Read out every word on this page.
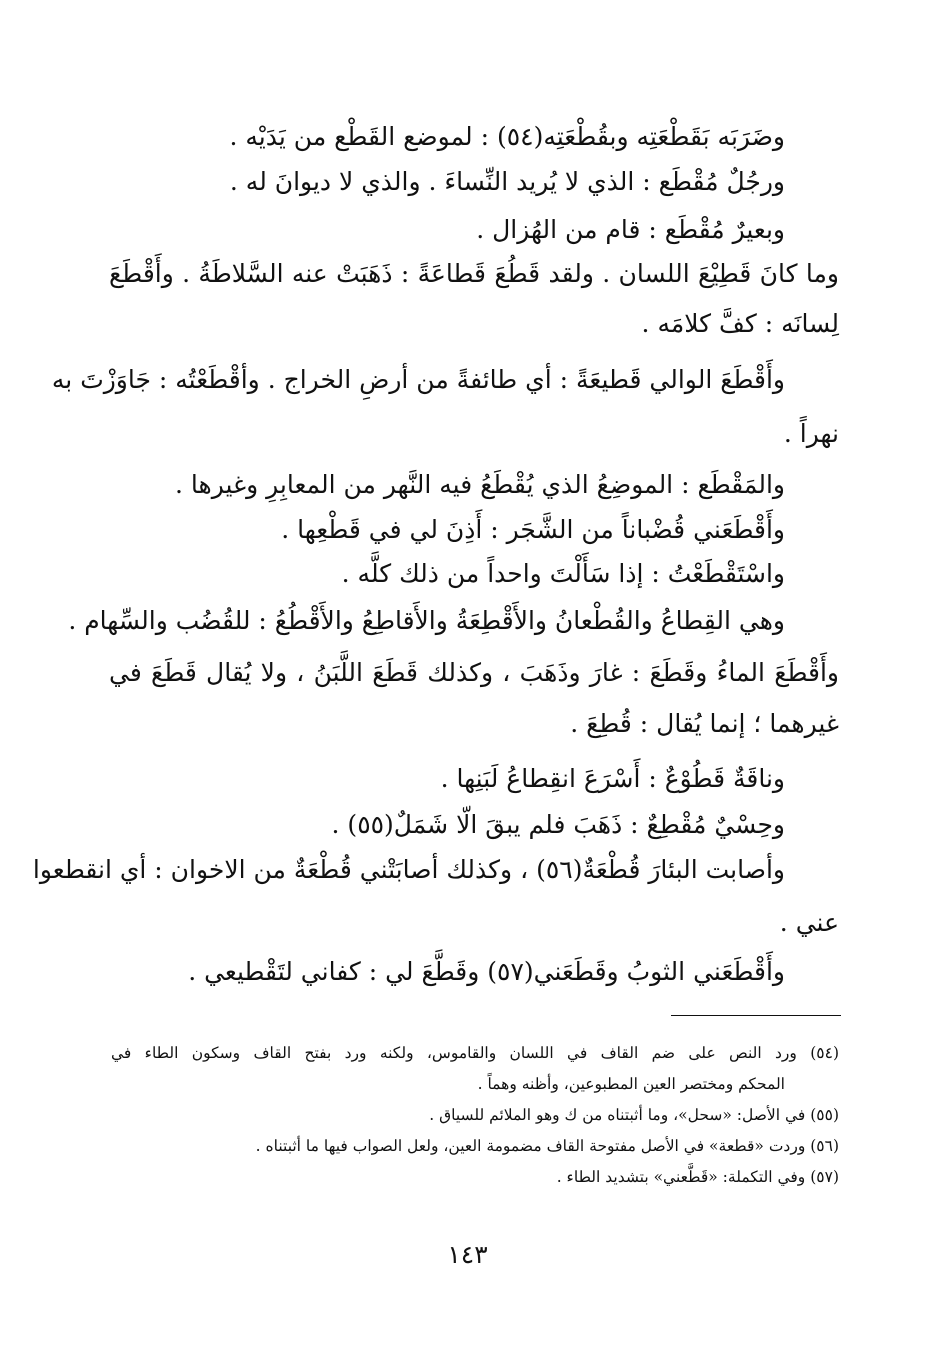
وضَرَبَه بَقَطْعَتِه وبقُطْعَتِه(٥٤) : لموضع القَطْع من يَدَيْه .
ورجُلٌ مُقْطَع : الذي لا يُريد النِّساءَ . والذي لا ديوانَ له .
وبعيرٌ مُقْطَع : قام من الهُزال .
وما كانَ قَطِيْعَ اللسان . ولقد قَطُعَ قَطاعَةً : ذَهَبَتْ عنه السَّلاطَةُ . وأَقْطَعَ
لِسانَه : كفَّ كلامَه .
وأَقْطَعَ الوالي قَطيعَةً : أي طائفةً من أرضِ الخراج . وأقْطَعْتُه : جَاوَزْتَ به
نهراً .
والمَقْطَع : الموضِعُ الذي يُقْطَعُ فيه النَّهر من المعابِرِ وغيرها .
وأَقْطَعَني قُضْباناً من الشَّجَر : أَذِنَ لي في قَطْعِها .
واسْتَقْطَعْتُ : إذا سَأَلْتَ واحداً من ذلك كلَّه .
وهي القِطاعُ والقُطْعانُ والأَقْطِعَةُ والأَقاطِعُ والأَقْطُعُ : للقُضُب والسِّهام .
وأَقْطَعَ الماءُ وقَطَعَ : غارَ وذَهَبَ ، وكذلك قَطَعَ اللَّبَنُ ، ولا يُقال قَطَعَ في
غيرهما ؛ إنما يُقال : قُطِعَ .
وناقَةٌ قَطُوْعٌ : أَسْرَعَ انقِطاعُ لَبَنِها .
وحِسْيٌ مُقْطِعٌ : ذَهَبَ فلم يبقَ الّا شَمَلٌ(٥٥) .
وأصابت البئارَ قُطْعَةٌ(٥٦) ، وكذلك أصابَتْني قُطْعَةٌ من الاخوان : أي انقطعوا
عني .
وأَقْطَعَني الثوبُ وقَطَعَني(٥٧) وقَطَّعَ لي : كفاني لتَقْطيعي .
(٥٤) ورد النص على ضم القاف في اللسان والقاموس، ولكنه ورد بفتح القاف وسكون الطاء في
المحكم ومختصر العين المطبوعين، وأظنه وهماً .
(٥٥) في الأصل: «سحل»، وما أثبتناه من ك وهو الملائم للسياق .
(٥٦) وردت «قطعة» في الأصل مفتوحة القاف مضمومة العين، ولعل الصواب فيها ما أثبتناه .
(٥٧) وفي التكملة: «قَطَّعني» بتشديد الطاء .
١٤٣
